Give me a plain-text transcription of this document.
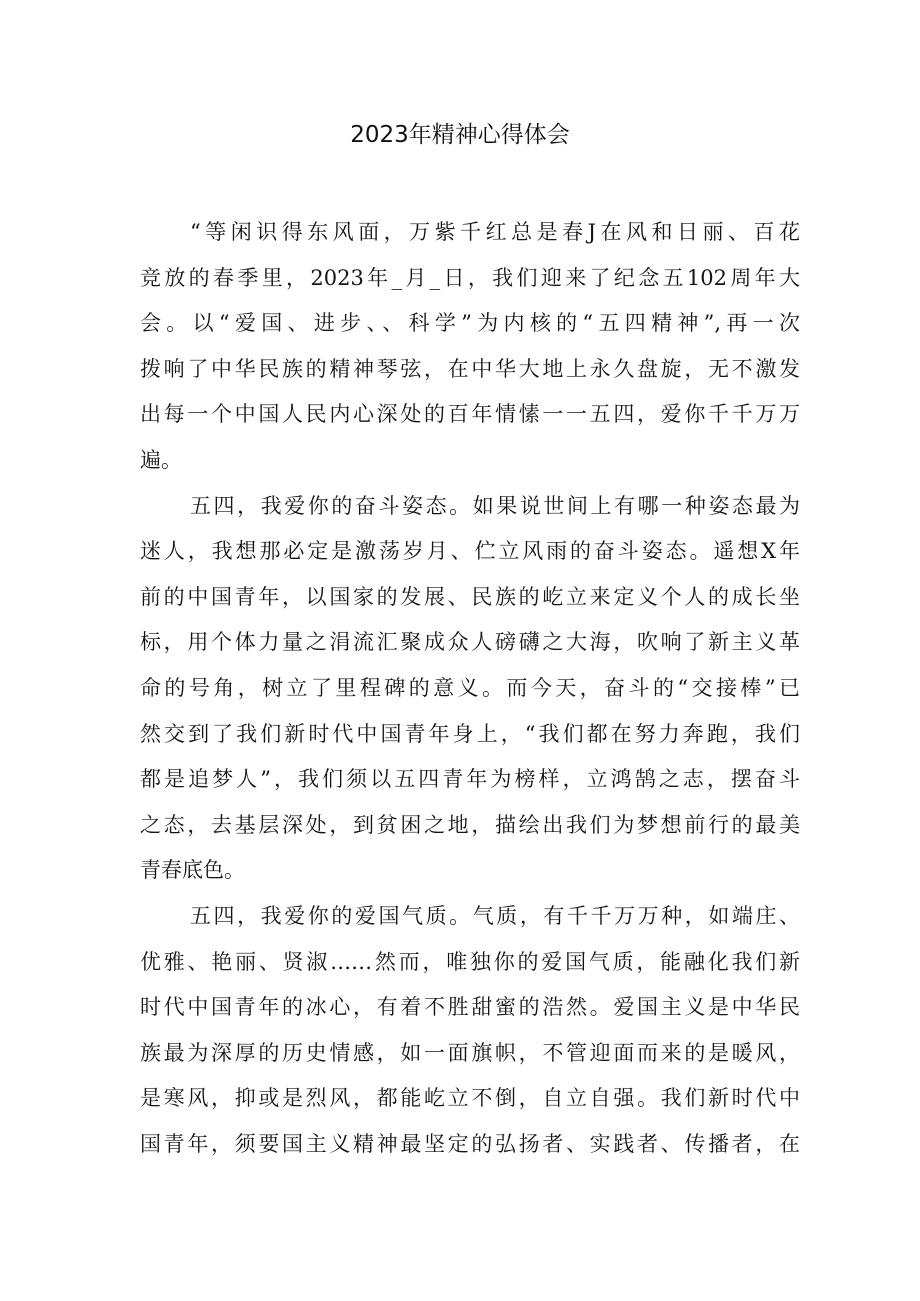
2023年精神心得体会
“等闲识得东风面，万紫千红总是春J在风和日丽、百花
竞放的春季里，2023年_月_日，我们迎来了纪念五102周年大
会。以“爱国、进步、、科学”为内核的“五四精神”,再一次
拨响了中华民族的精神琴弦，在中华大地上永久盘旋，无不激发
出每一个中国人民内心深处的百年情愫一一五四，爱你千千万万
遍。
五四，我爱你的奋斗姿态。如果说世间上有哪一种姿态最为
迷人，我想那必定是激荡岁月、伫立风雨的奋斗姿态。遥想X年
前的中国青年，以国家的发展、民族的屹立来定义个人的成长坐
标，用个体力量之涓流汇聚成众人磅礴之大海，吹响了新主义革
命的号角，树立了里程碑的意义。而今天，奋斗的“交接棒”已
然交到了我们新时代中国青年身上，“我们都在努力奔跑，我们
都是追梦人”，我们须以五四青年为榜样，立鸿鹄之志，摆奋斗
之态，去基层深处，到贫困之地，描绘出我们为梦想前行的最美
青春底色。
五四，我爱你的爱国气质。气质，有千千万万种，如端庄、
优雅、艳丽、贤淑……然而，唯独你的爱国气质，能融化我们新
时代中国青年的冰心，有着不胜甜蜜的浩然。爱国主义是中华民
族最为深厚的历史情感，如一面旗帜，不管迎面而来的是暖风，
是寒风，抑或是烈风，都能屹立不倒，自立自强。我们新时代中
国青年，须要国主义精神最坚定的弘扬者、实践者、传播者，在
